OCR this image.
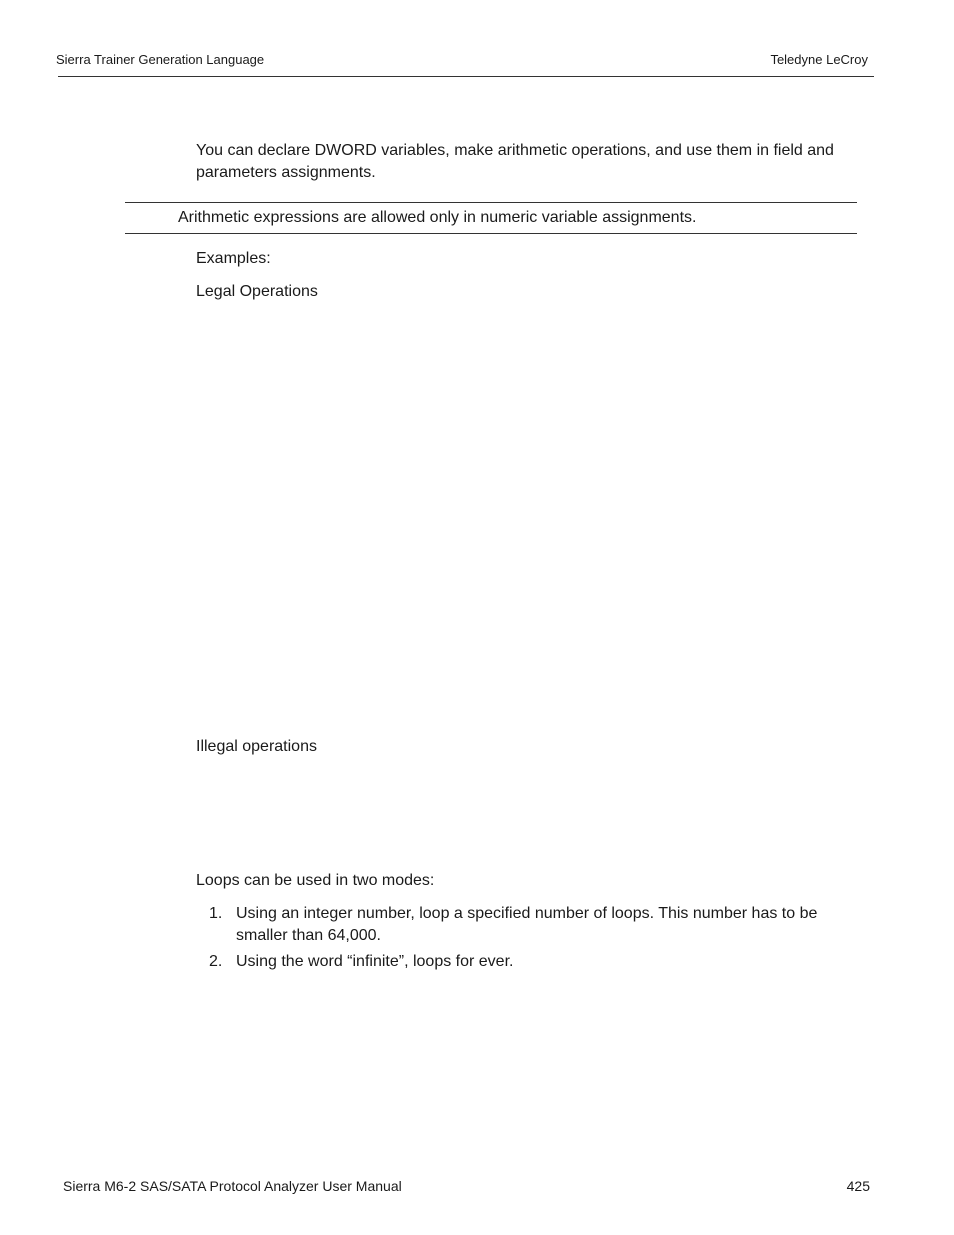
Sierra Trainer Generation Language	Teledyne LeCroy

You can declare DWORD variables, make arithmetic operations, and use them in field and parameters assignments.

Arithmetic expressions are allowed only in numeric variable assignments.

Examples:

Legal Operations

Illegal operations

Loops can be used in two modes:

1. Using an integer number, loop a specified number of loops. This number has to be smaller than 64,000.
2. Using the word “infinite”, loops for ever.
Sierra M6-2 SAS/SATA Protocol Analyzer User Manual	425
